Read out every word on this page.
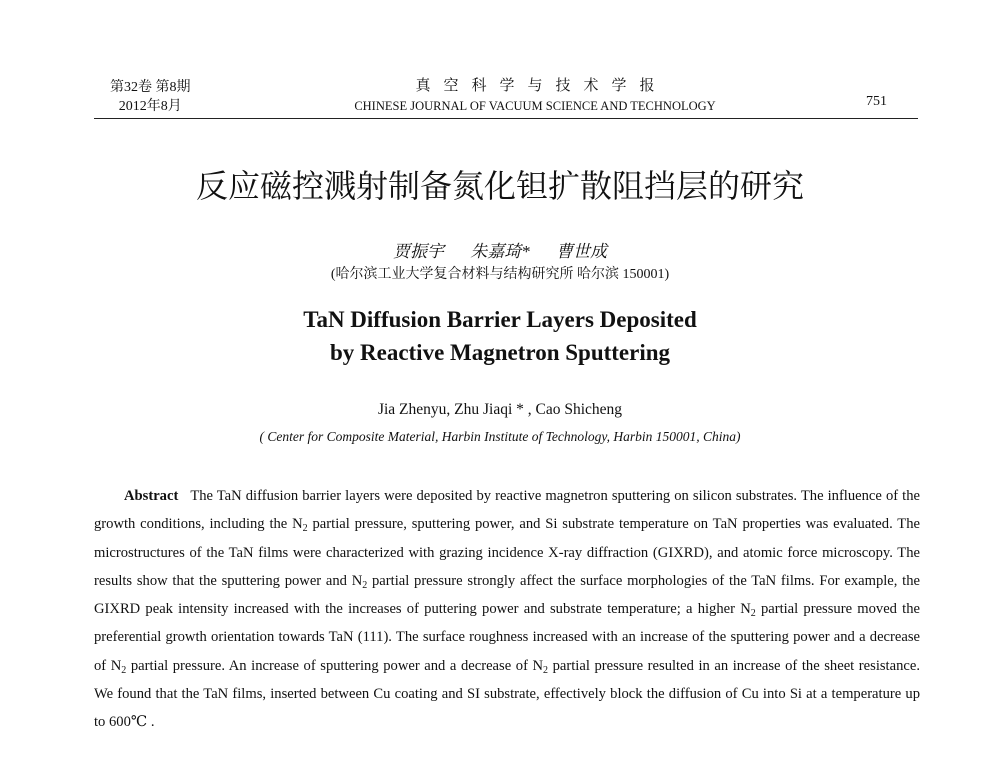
第32卷 第8期
2012年8月
真空科学与技术学报
CHINESE JOURNAL OF VACUUM SCIENCE AND TECHNOLOGY	751
反应磁控溅射制备氮化钽扩散阻挡层的研究
贾振宇 朱嘉琦* 曹世成
(哈尔滨工业大学复合材料与结构研究所 哈尔滨 150001)
TaN Diffusion Barrier Layers Deposited
by Reactive Magnetron Sputtering
Jia Zhenyu, Zhu Jiaqi * , Cao Shicheng
( Center for Composite Material, Harbin Institute of Technology, Harbin 150001, China)
Abstract The TaN diffusion barrier layers were deposited by reactive magnetron sputtering on silicon substrates. The influence of the growth conditions, including the $N_2$ partial pressure, sputtering power, and Si substrate temperature on TaN properties was evaluated. The microstructures of the TaN films were characterized with grazing incidence X-ray diffraction (GIXRD), and atomic force microscopy. The results show that the sputtering power and $N_2$ partial pressure strongly affect the surface morphologies of the TaN films. For example, the GIXRD peak intensity increased with the increases of puttering power and substrate temperature; a higher $N_2$ partial pressure moved the preferential growth orientation towards TaN (111). The surface roughness increased with an increase of the sputtering power and a decrease of $N_2$ partial pressure. An increase of sputtering power and a decrease of $N_2$ partial pressure resulted in an increase of the sheet resistance. We found that the TaN films, inserted between Cu coating and SI substrate, effectively block the diffusion of Cu into Si at a temperature up to 600℃ .
